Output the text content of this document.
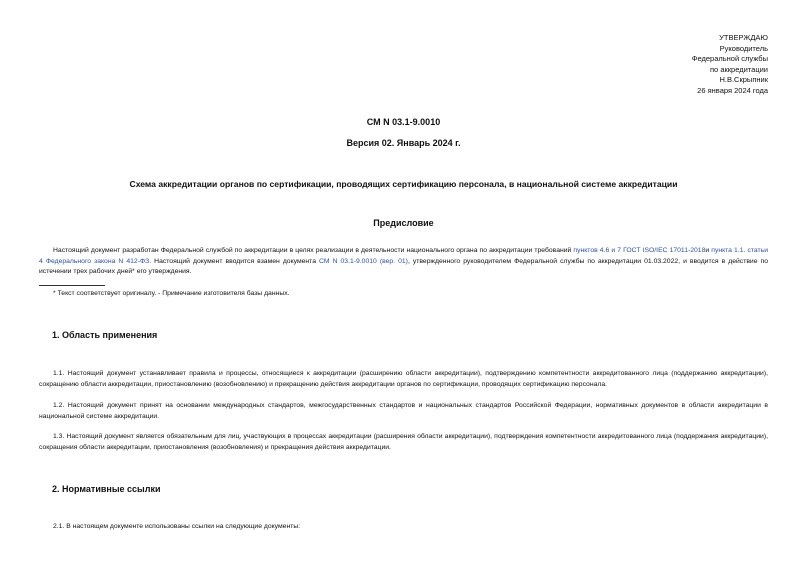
УТВЕРЖДАЮ
Руководитель
Федеральной службы
по аккредитации
Н.В.Скрыпник
26 января 2024 года
СМ N 03.1-9.0010
Версия 02. Январь 2024 г.
Схема аккредитации органов по сертификации, проводящих сертификацию персонала, в национальной системе аккредитации
Предисловие
Настоящий документ разработан Федеральной службой по аккредитации в целях реализации в деятельности национального органа по аккредитации требований пунктов 4.6 и 7 ГОСТ ISO/IEC 17011-2018и пункта 1.1. статьи 4 Федерального закона N 412-ФЗ. Настоящий документ вводится взамен документа СМ N 03.1-9.0010 (вер. 01), утвержденного руководителем Федеральной службы по аккредитации 01.03.2022, и вводится в действие по истечении трех рабочих дней* его утверждения.
* Текст соответствует оригиналу. - Примечание изготовителя базы данных.
1. Область применения
1.1. Настоящий документ устанавливает правила и процессы, относящиеся к аккредитации (расширению области аккредитации), подтверждению компетентности аккредитованного лица (поддержанию аккредитации), сокращению области аккредитации, приостановлению (возобновлению) и прекращению действия аккредитации органов по сертификации, проводящих сертификацию персонала.
1.2. Настоящий документ принят на основании международных стандартов, межгосударственных стандартов и национальных стандартов Российской Федерации, нормативных документов в области аккредитации в национальной системе аккредитации.
1.3. Настоящий документ является обязательным для лиц, участвующих в процессах аккредитации (расширения области аккредитации), подтверждения компетентности аккредитованного лица (поддержания аккредитации), сокращения области аккредитации, приостановления (возобновления) и прекращения действия аккредитации.
2. Нормативные ссылки
2.1. В настоящем документе использованы ссылки на следующие документы:
